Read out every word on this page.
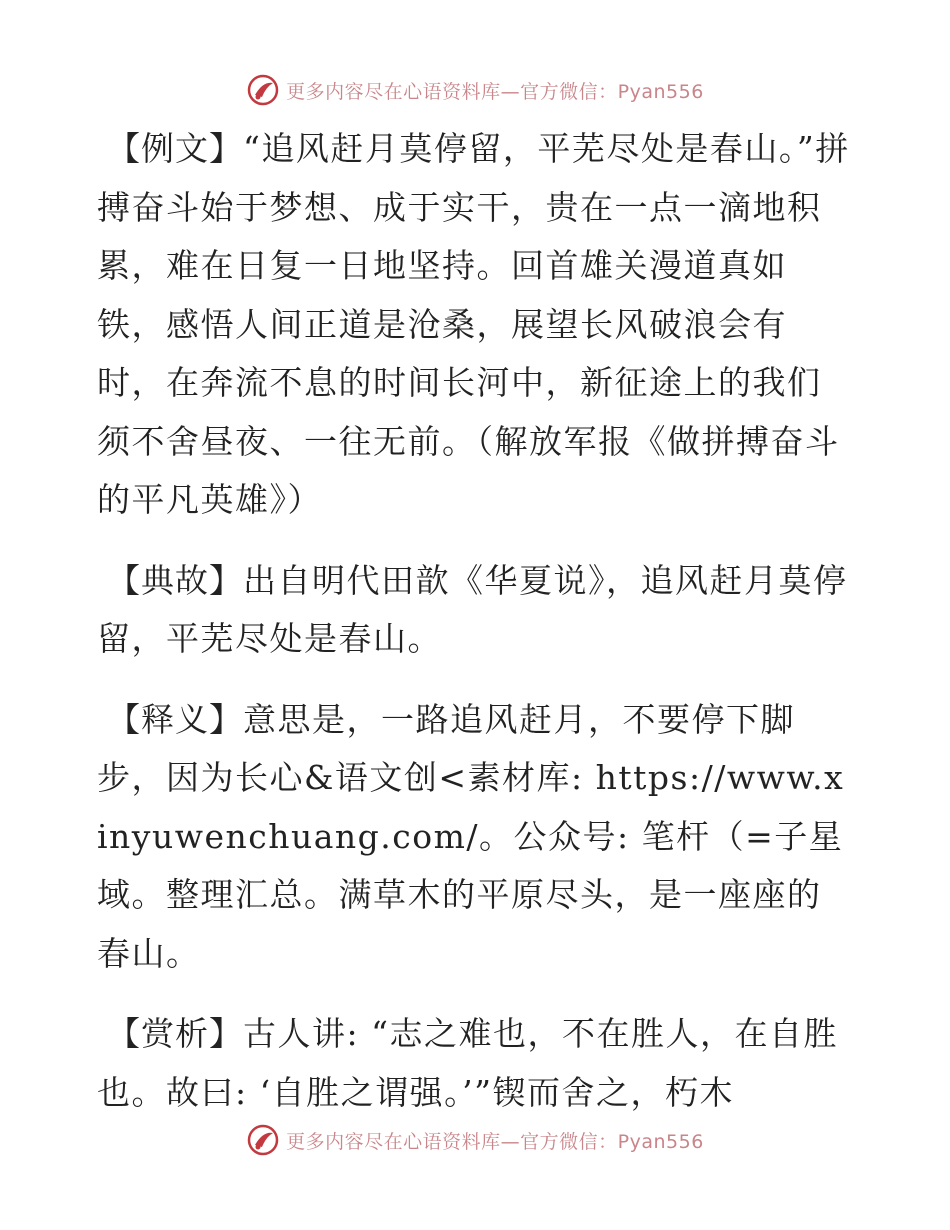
更多内容尽在心语资料库—官方微信：Pyan556

【例文】“追风赶月莫停留，平芜尽处是春山。”拼搏奋斗始于梦想、成于实干，贵在一点一滴地积累，难在日复一日地坚持。回首雄关漫道真如铁，感悟人间正道是沧桑，展望长风破浪会有时，在奔流不息的时间长河中，新征途上的我们须不舍昼夜、一往无前。（解放军报《做拼搏奋斗的平凡英雄》）

【典故】出自明代田歆《华夏说》，追风赶月莫停留，平芜尽处是春山。

【释义】意思是，一路追风赶月，不要停下脚步，因为长心&语文创<素材库: https://www.xinyuwenchuang.com/。公众号: 笔杆（=子星域。整理汇总。满草木的平原尽头，是一座座的春山。

【赏析】古人讲: “志之难也，不在胜人，在自胜也。故曰: ‘自胜之谓强。’”锲而舍之，朽木

更多内容尽在心语资料库—官方微信：Pyan556
